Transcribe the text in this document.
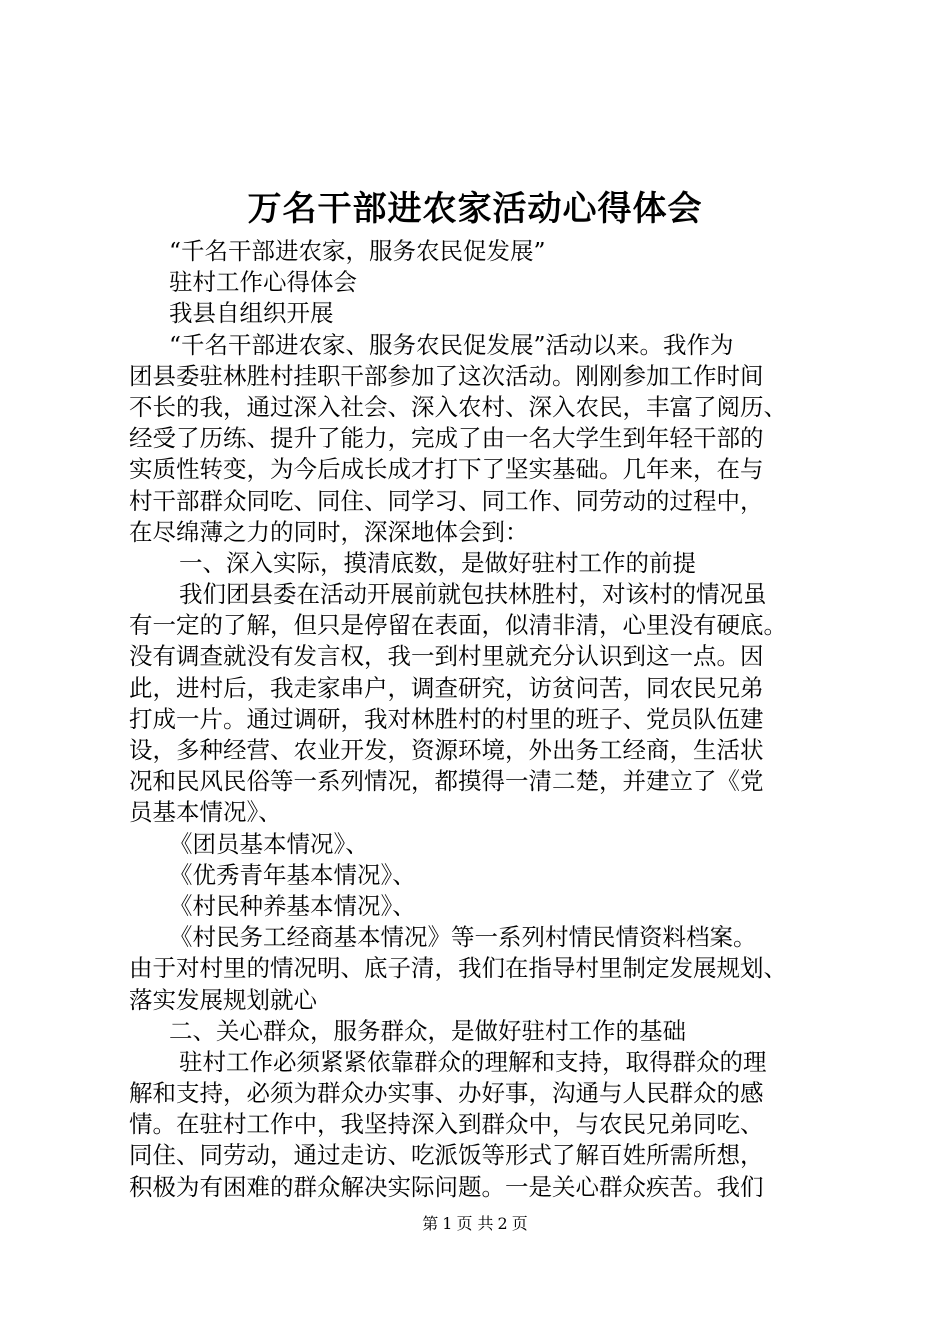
万名干部进农家活动心得体会
“千名干部进农家，服务农民促发展”
驻村工作心得体会
我县自组织开展
“千名干部进农家、服务农民促发展”活动以来。我作为
团县委驻林胜村挂职干部参加了这次活动。刚刚参加工作时间
不长的我，通过深入社会、深入农村、深入农民，丰富了阅历、
经受了历练、提升了能力，完成了由一名大学生到年轻干部的
实质性转变，为今后成长成才打下了坚实基础。几年来，在与
村干部群众同吃、同住、同学习、同工作、同劳动的过程中，
在尽绵薄之力的同时，深深地体会到：
一、深入实际，摸清底数，是做好驻村工作的前提
我们团县委在活动开展前就包扶林胜村，对该村的情况虽
有一定的了解，但只是停留在表面，似清非清，心里没有硬底。
没有调查就没有发言权，我一到村里就充分认识到这一点。因
此，进村后，我走家串户，调查研究，访贫问苦，同农民兄弟
打成一片。通过调研，我对林胜村的村里的班子、党员队伍建
设，多种经营、农业开发，资源环境，外出务工经商，生活状
况和民风民俗等一系列情况，都摸得一清二楚，并建立了《党
员基本情况》、
《团员基本情况》、
《优秀青年基本情况》、
《村民种养基本情况》、
《村民务工经商基本情况》等一系列村情民情资料档案。
由于对村里的情况明、底子清，我们在指导村里制定发展规划、
落实发展规划就心
二、关心群众，服务群众，是做好驻村工作的基础
驻村工作必须紧紧依靠群众的理解和支持，取得群众的理
解和支持，必须为群众办实事、办好事，沟通与人民群众的感
情。在驻村工作中，我坚持深入到群众中，与农民兄弟同吃、
同住、同劳动，通过走访、吃派饭等形式了解百姓所需所想，
积极为有困难的群众解决实际问题。一是关心群众疾苦。我们
第 1 页 共 2 页
